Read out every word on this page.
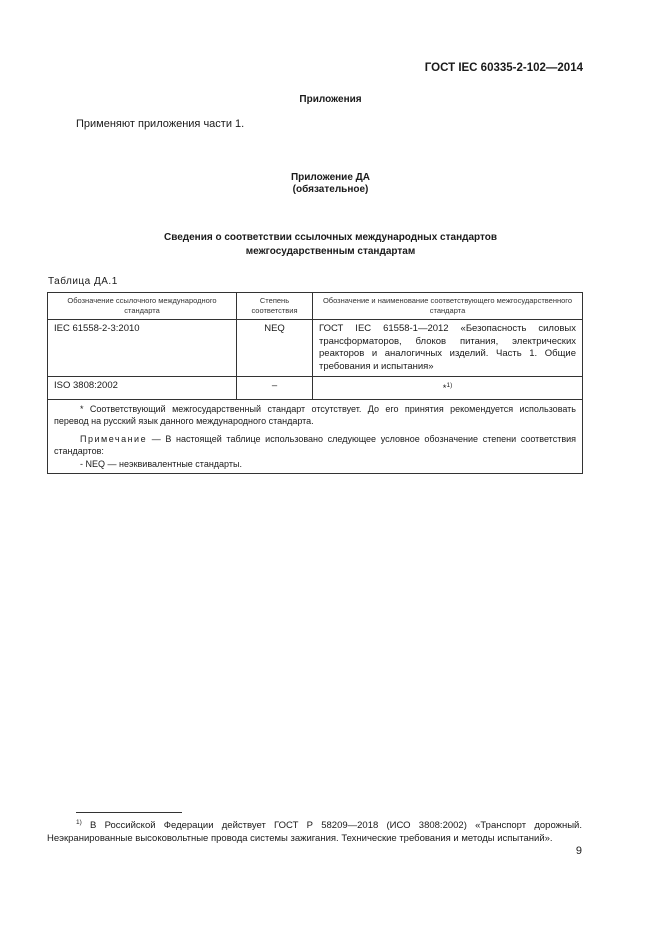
ГОСТ IEC 60335-2-102—2014
Приложения
Применяют приложения части 1.
Приложение ДА
(обязательное)
Сведения о соответствии ссылочных международных стандартов
межгосударственным стандартам
Таблица ДА.1
Обозначение ссылочного международного стандарта	Степень соответствия	Обозначение и наименование соответствующего межгосударственного стандарта
IEC 61558-2-3:2010	NEQ	ГОСТ IEC 61558-1—2012 «Безопасность силовых трансформаторов, блоков питания, электрических реакторов и аналогичных изделий. Часть 1. Общие требования и испытания»
ISO 3808:2002	–	*$^{1)}$

* Соответствующий межгосударственный стандарт отсутствует. До его принятия рекомендуется использовать перевод на русский язык данного международного стандарта.

Примечание — В настоящей таблице использовано следующее условное обозначение степени соответствия стандартов:

- NEQ — неэквивалентные стандарты.		

$^{1)}$ В Российской Федерации действует ГОСТ Р 58209—2018 (ИСО 3808:2002) «Транспорт дорожный. Неэкранированные высоковольтные провода системы зажигания. Технические требования и методы испытаний».
9
